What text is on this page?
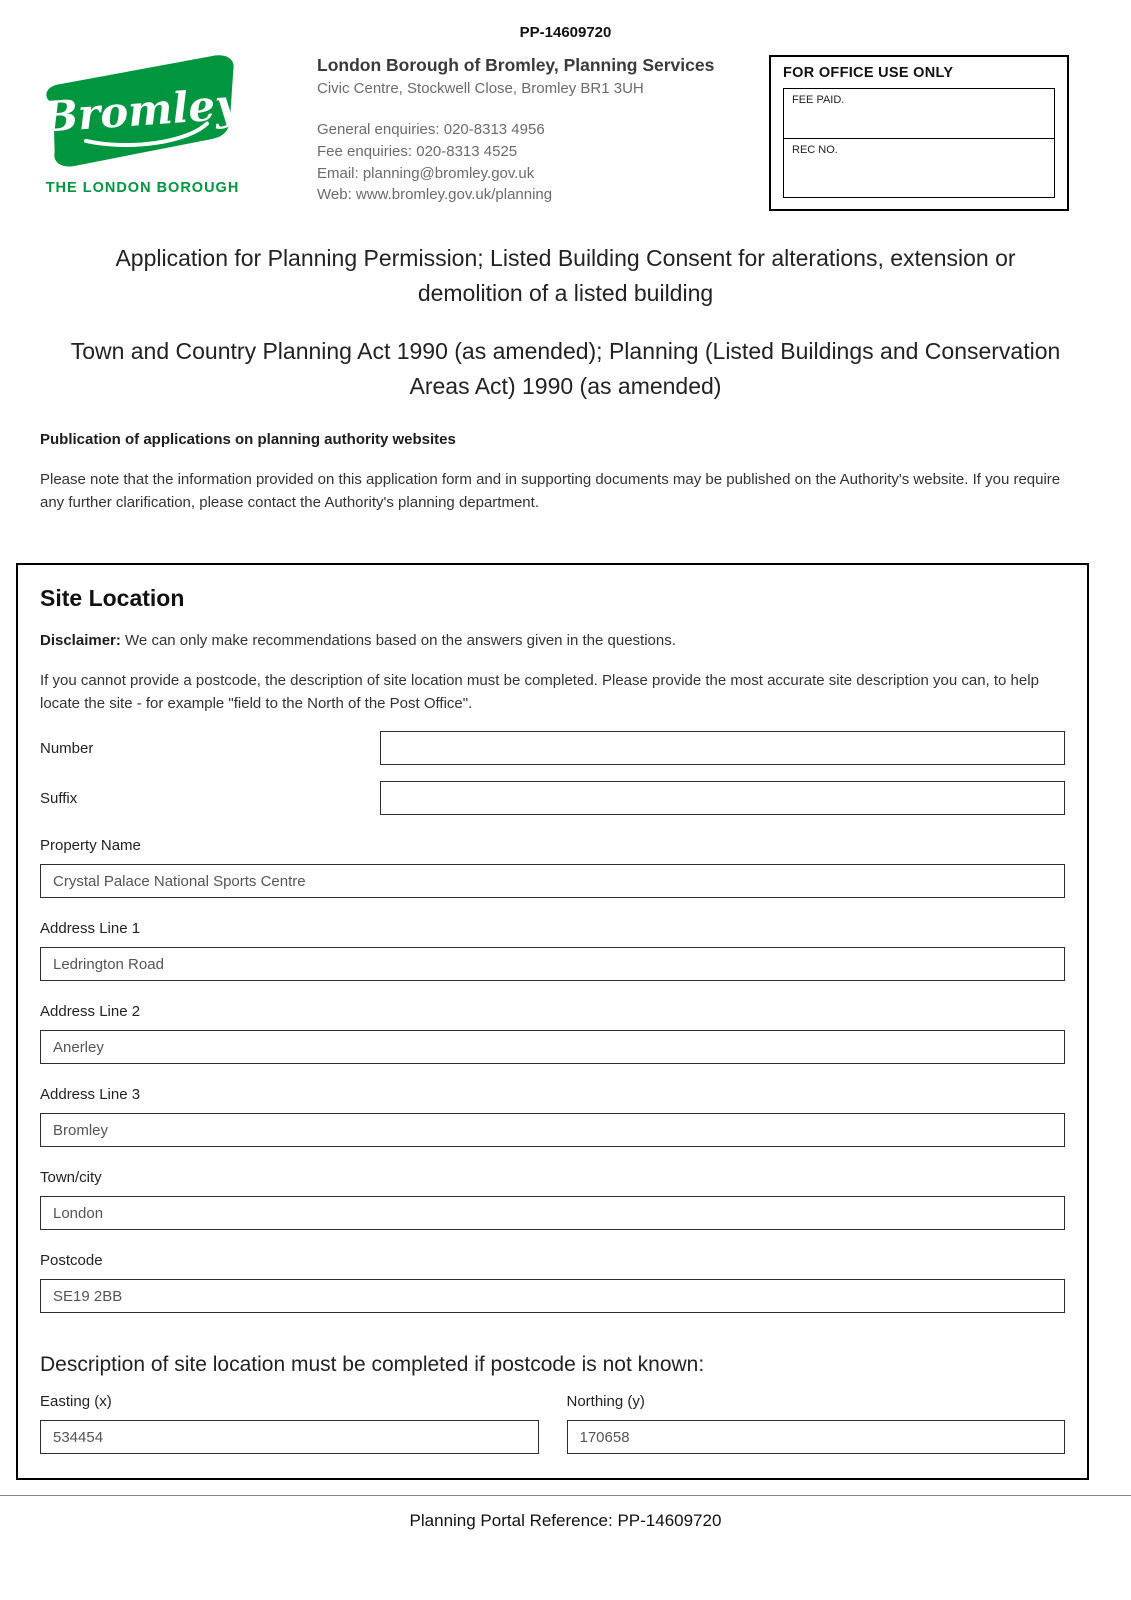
PP-14609720
Bromley
THE LONDON BOROUGH
London Borough of Bromley, Planning Services
Civic Centre, Stockwell Close, Bromley BR1 3UH
General enquiries: 020-8313 4956
Fee enquiries: 020-8313 4525
Email: planning@bromley.gov.uk
Web: www.bromley.gov.uk/planning
FOR OFFICE USE ONLY
FEE PAID.
REC NO.
Application for Planning Permission; Listed Building Consent for alterations, extension or demolition of a listed building
Town and Country Planning Act 1990 (as amended); Planning (Listed Buildings and Conservation Areas Act) 1990 (as amended)
Publication of applications on planning authority websites

Please note that the information provided on this application form and in supporting documents may be published on the Authority's website. If you require any further clarification, please contact the Authority's planning department.

Site Location

Disclaimer: We can only make recommendations based on the answers given in the questions.

If you cannot provide a postcode, the description of site location must be completed. Please provide the most accurate site description you can, to help locate the site - for example "field to the North of the Post Office".

Number
Suffix
Property Name
Crystal Palace National Sports Centre
Address Line 1
Ledrington Road
Address Line 2
Anerley
Address Line 3
Bromley
Town/city
London
Postcode
SE19 2BB
Description of site location must be completed if postcode is not known:
Easting (x)
534454	Northing (y)
170658
Planning Portal Reference: PP-14609720
